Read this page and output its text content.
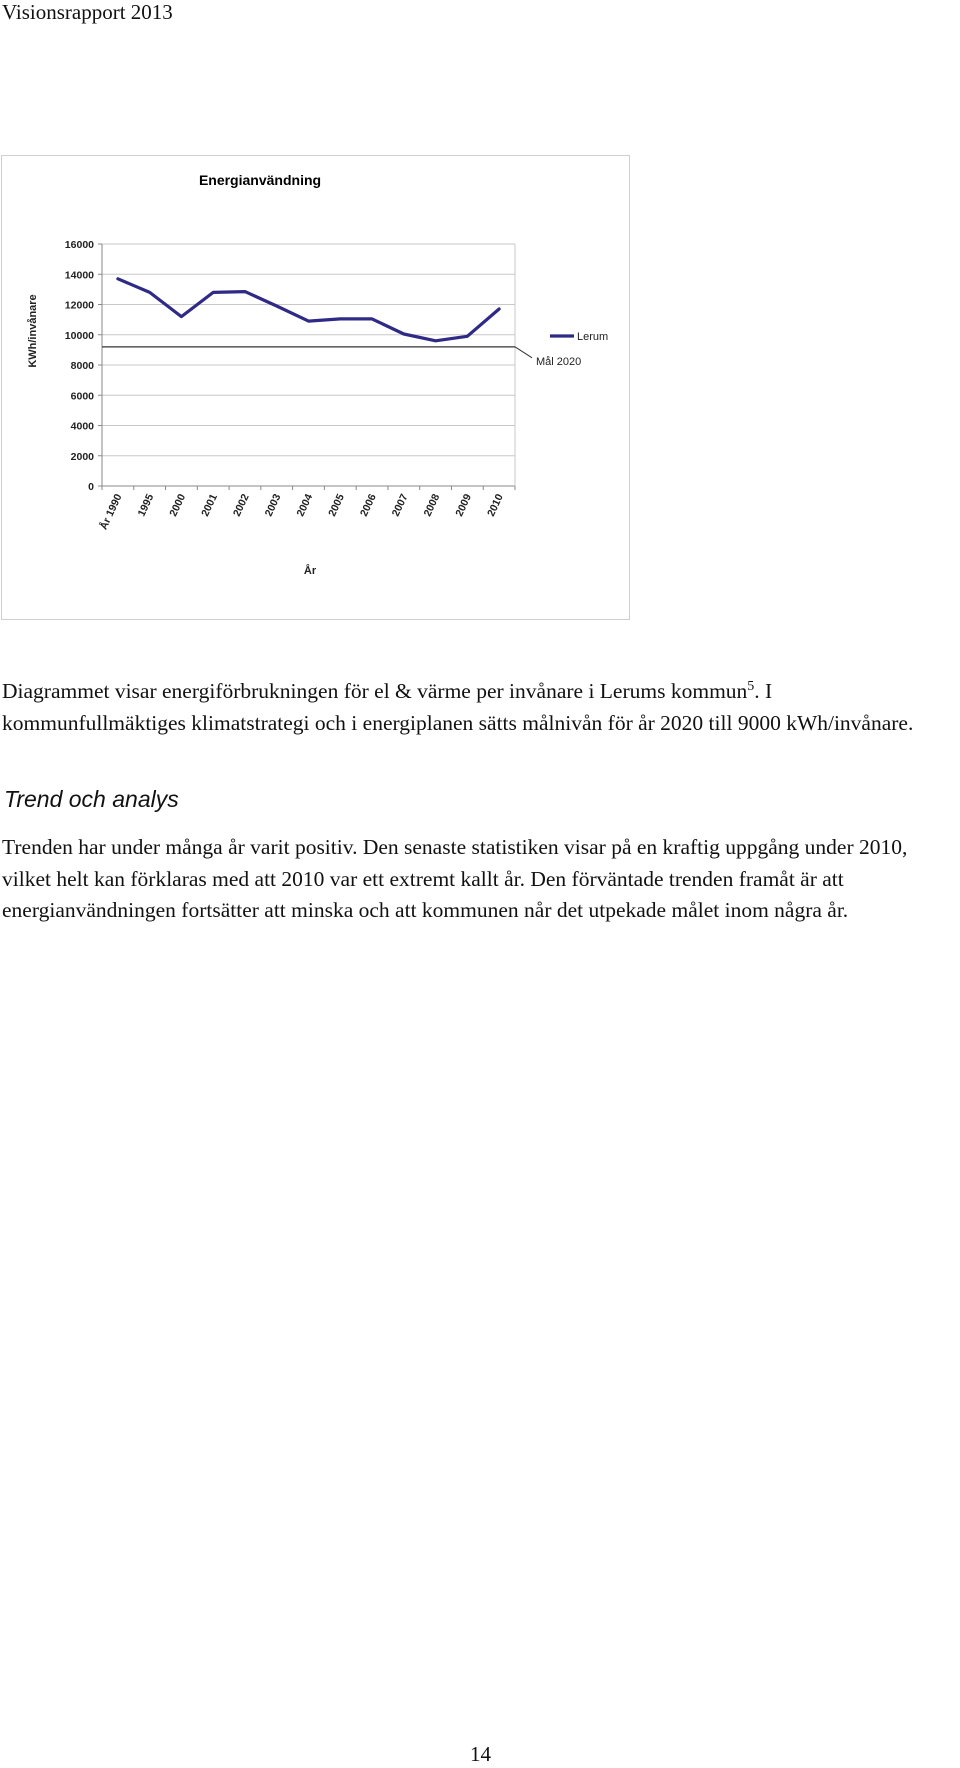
Visionsrapport 2013
Energianvändning
0
2000
4000
6000
8000
10000
12000
14000
16000
År 1990 1995 2000 2001 2002 2003 2004 2005 2006 2007 2008 2009 2010
Mål 2020
Lerum
KWh/invånare
År
Diagrammet visar energiförbrukningen för el & värme per invånare i Lerums kommun$^5$. I kommunfullmäktiges klimatstrategi och i energiplanen sätts målnivån för år 2020 till 9000 kWh/invånare.
Trend och analys
Trenden har under många år varit positiv. Den senaste statistiken visar på en kraftig uppgång under 2010, vilket helt kan förklaras med att 2010 var ett extremt kallt år. Den förväntade trenden framåt är att energianvändningen fortsätter att minska och att kommunen når det utpekade målet inom några år.
14
